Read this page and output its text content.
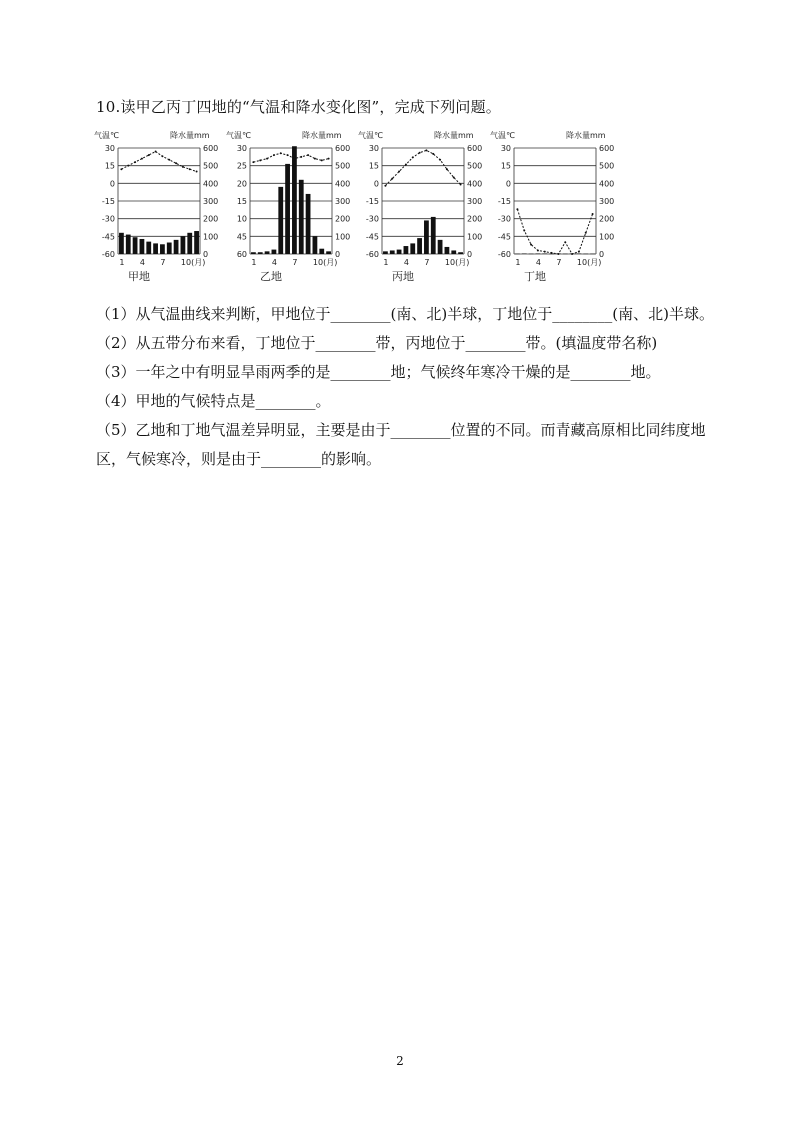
10.读甲乙丙丁四地的“气温和降水变化图”，完成下列问题。
气温℃	降水量mm
30	600
15	500
0	400
-15	300
-30	200
-45	100
-60	0
1 4 7 10(月)
甲地
气温℃	降水量mm
30	600
25	500
20	400
15	300
10	200
45	100
60	0
1 4 7 10(月)
乙地
气温℃	降水量mm
30	600
15	500
0	400
-15	300
-30	200
-45	100
-60	0
1 4 7 10(月)
丙地
气温℃	降水量mm
30	600
15	500
0	400
-15	300
-30	200
-45	100
-60	0
1 4 7 10(月)
丁地

（1）从气温曲线来判断，甲地位于________(南、北)半球，丁地位于________(南、北)半球。

（2）从五带分布来看，丁地位于________带，丙地位于________带。(填温度带名称)

（3）一年之中有明显旱雨两季的是________地；气候终年寒冷干燥的是________地。

（4）甲地的气候特点是________。

（5）乙地和丁地气温差异明显，主要是由于________位置的不同。而青藏高原相比同纬度地区，气候寒冷，则是由于________的影响。

2
